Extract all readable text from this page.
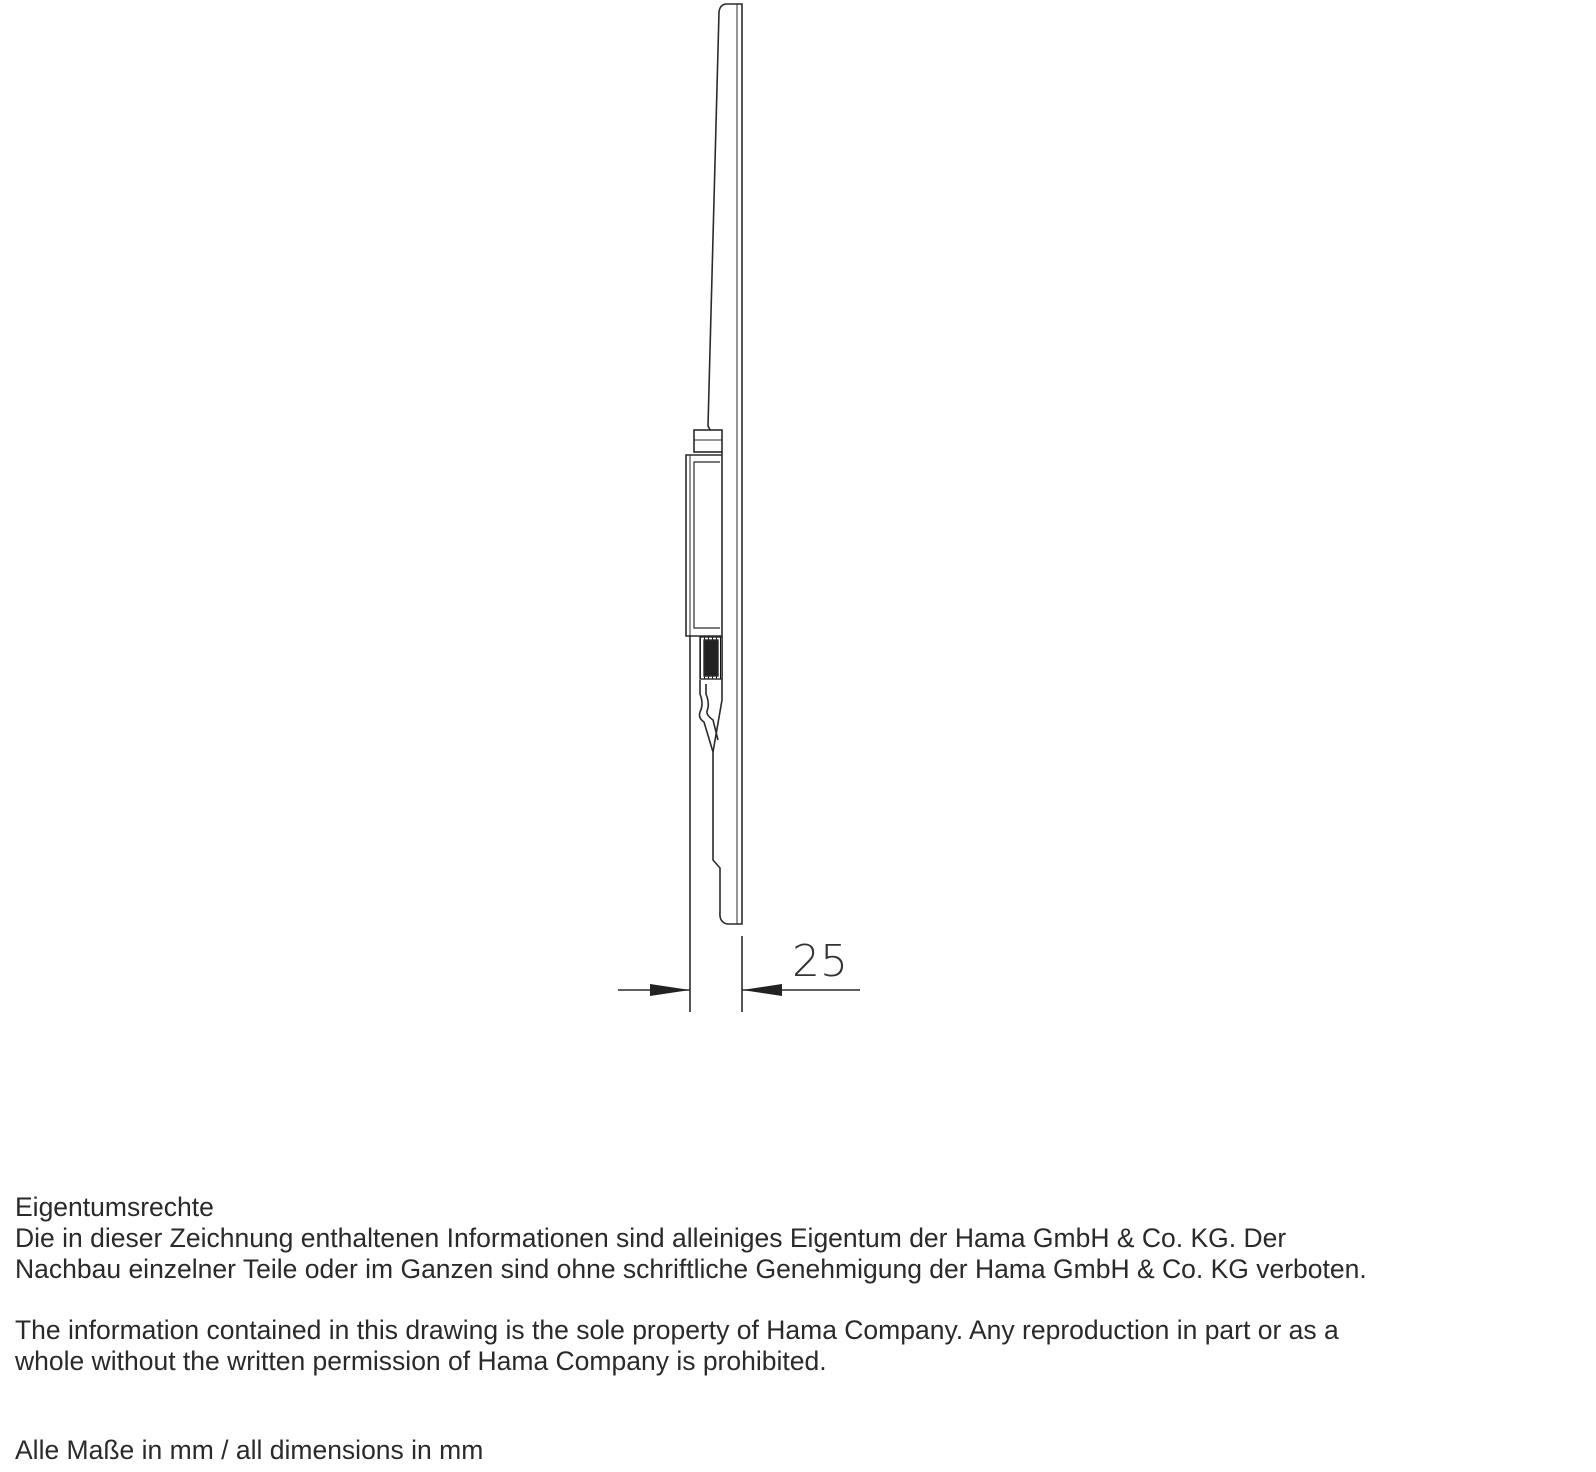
25

Eigentumsrechte

Die in dieser Zeichnung enthaltenen Informationen sind alleiniges Eigentum der Hama GmbH & Co. KG. Der

Nachbau einzelner Teile oder im Ganzen sind ohne schriftliche Genehmigung der Hama GmbH & Co. KG verboten.

The information contained in this drawing is the sole property of Hama Company. Any reproduction in part or as a

whole without the written permission of Hama Company is prohibited.

Alle Maße in mm / all dimensions in mm
